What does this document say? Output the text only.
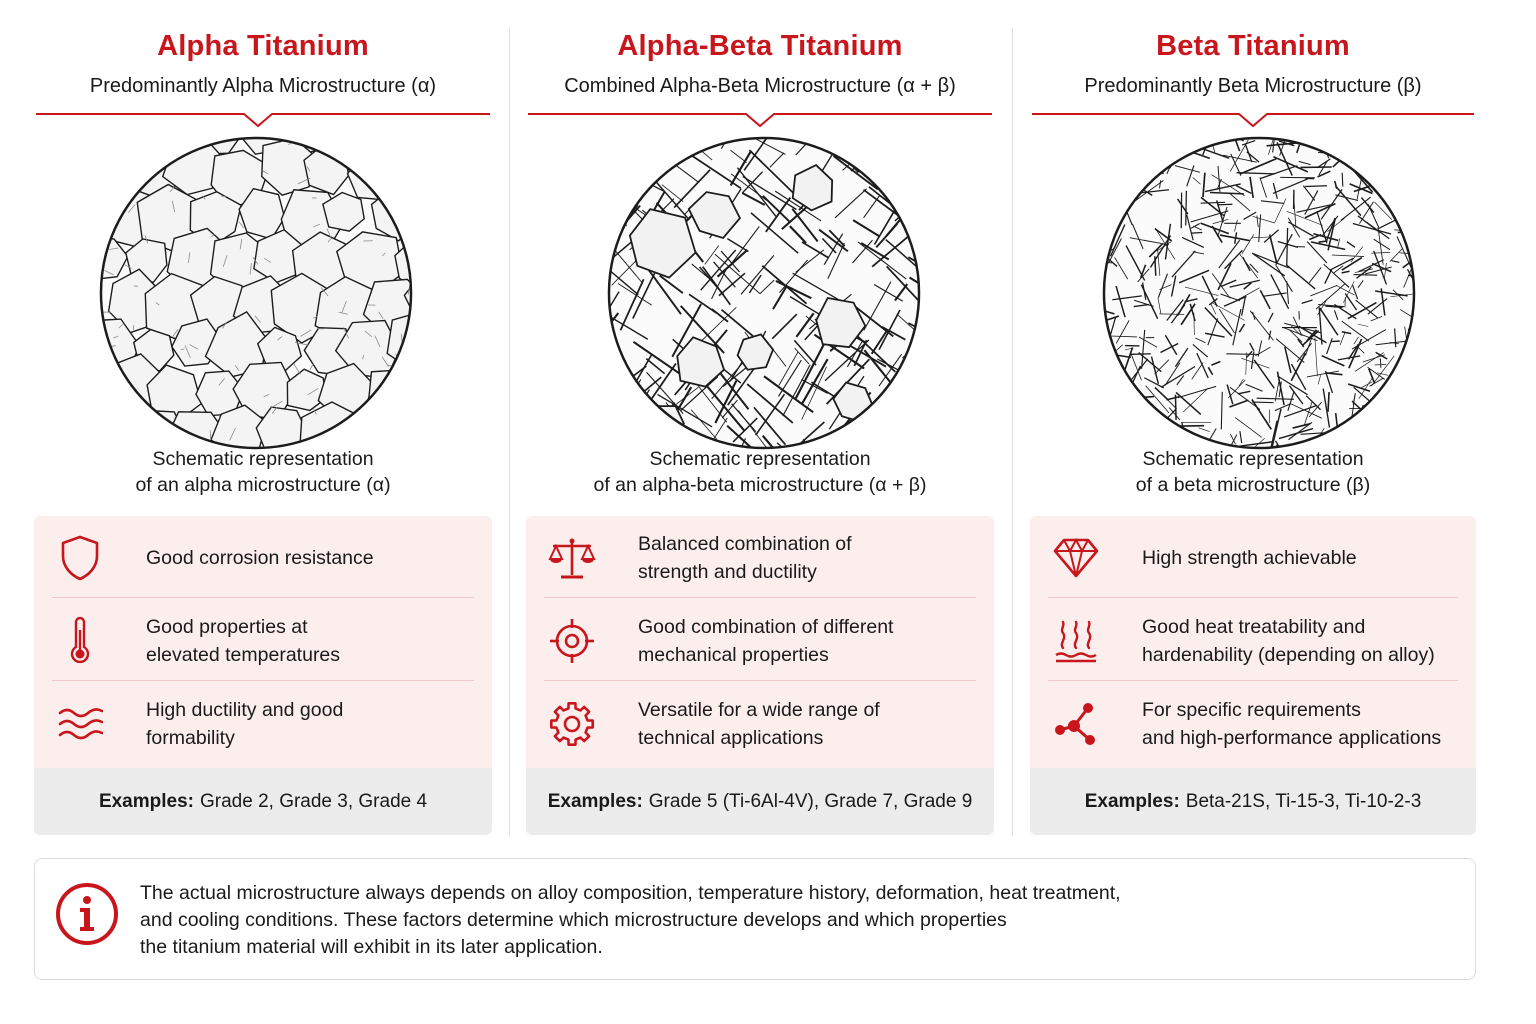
Alpha Titanium
Predominantly Alpha Microstructure (α)
Schematic representation
of an alpha microstructure (α)
Good corrosion resistance
Good properties at
elevated temperatures
High ductility and good
formability
Examples: Grade 2, Grade 3, Grade 4
Alpha-Beta Titanium
Combined Alpha-Beta Microstructure (α + β)
Schematic representation
of an alpha-beta microstructure (α + β)
Balanced combination of
strength and ductility
Good combination of different
mechanical properties
Versatile for a wide range of
technical applications
Examples: Grade 5 (Ti-6Al-4V), Grade 7, Grade 9
Beta Titanium
Predominantly Beta Microstructure (β)
Schematic representation
of a beta microstructure (β)
High strength achievable
Good heat treatability and
hardenability (depending on alloy)
For specific requirements
and high-performance applications
Examples: Beta-21S, Ti-15-3, Ti-10-2-3
The actual microstructure always depends on alloy composition, temperature history, deformation, heat treatment,
and cooling conditions. These factors determine which microstructure develops and which properties
the titanium material will exhibit in its later application.
